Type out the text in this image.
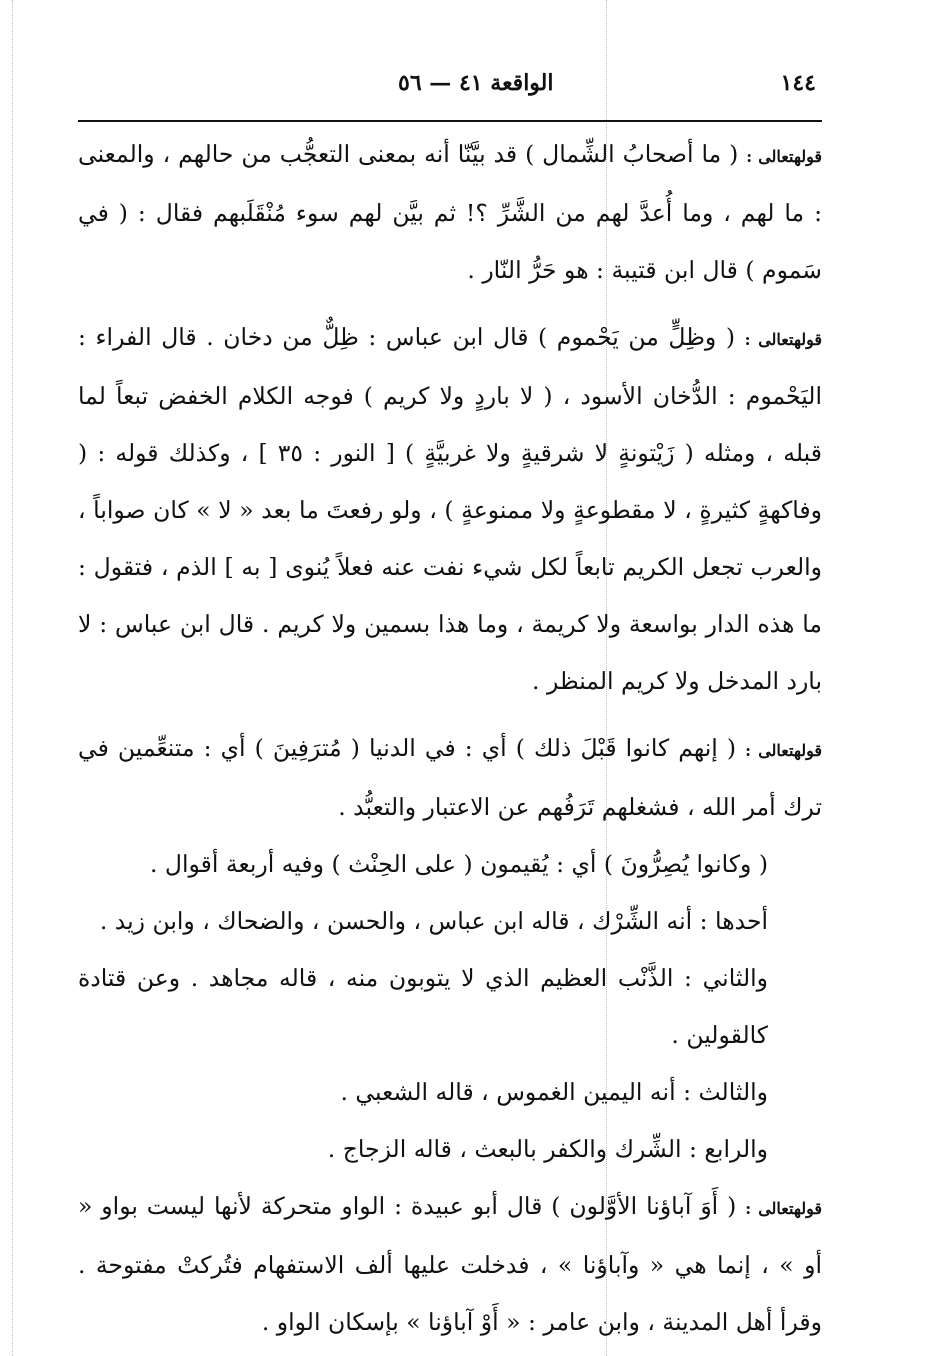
١٤٤
الواقعة ٤١ — ٥٦

قولهتعالى : ( ما أصحابُ الشِّمال ) قد بيَّنّا أنه بمعنى التعجُّب من حالهم ، والمعنى : ما لهم ، وما أُعدَّ لهم من الشَّرِّ ؟! ثم بيَّن لهم سوء مُنْقَلَبهم فقال : ( في سَموم ) قال ابن قتيبة : هو حَرُّ النّار .

قولهتعالى : ( وظِلٍّ من يَحْموم ) قال ابن عباس : ظِلٌّ من دخان . قال الفراء : اليَحْموم : الدُّخان الأسود ، ( لا باردٍ ولا كريم ) فوجه الكلام الخفض تبعاً لما قبله ، ومثله ( زَيْتونةٍ لا شرقيةٍ ولا غربيَّةٍ ) [ النور : ٣٥ ] ، وكذلك قوله : ( وفاكهةٍ كثيرةٍ ، لا مقطوعةٍ ولا ممنوعةٍ ) ، ولو رفعتَ ما بعد « لا » كان صواباً ، والعرب تجعل الكريم تابعاً لكل شيء نفت عنه فعلاً يُنوى [ به ] الذم ، فتقول : ما هذه الدار بواسعة ولا كريمة ، وما هذا بسمين ولا كريم . قال ابن عباس : لا بارد المدخل ولا كريم المنظر .

قولهتعالى : ( إنهم كانوا قَبْلَ ذلك ) أي : في الدنيا ( مُترَفِينَ ) أي : متنعِّمين في ترك أمر الله ، فشغلهم تَرَفُهم عن الاعتبار والتعبُّد .

( وكانوا يُصِرُّونَ ) أي : يُقيمون ( على الحِنْث ) وفيه أربعة أقوال .

أحدها : أنه الشِّرْك ، قاله ابن عباس ، والحسن ، والضحاك ، وابن زيد .

والثاني : الذَّنْب العظيم الذي لا يتوبون منه ، قاله مجاهد . وعن قتادة كالقولين .

والثالث : أنه اليمين الغموس ، قاله الشعبي .

والرابع : الشِّرك والكفر بالبعث ، قاله الزجاج .

قولهتعالى : ( أَوَ آباؤنا الأوَّلون ) قال أبو عبيدة : الواو متحركة لأنها ليست بواو « أو » ، إنما هي « وآباؤنا » ، فدخلت عليها ألف الاستفهام فتُركتْ مفتوحة . وقرأ أهل المدينة ، وابن عامر : « أَوْ آباؤنا » بإسكان الواو .
